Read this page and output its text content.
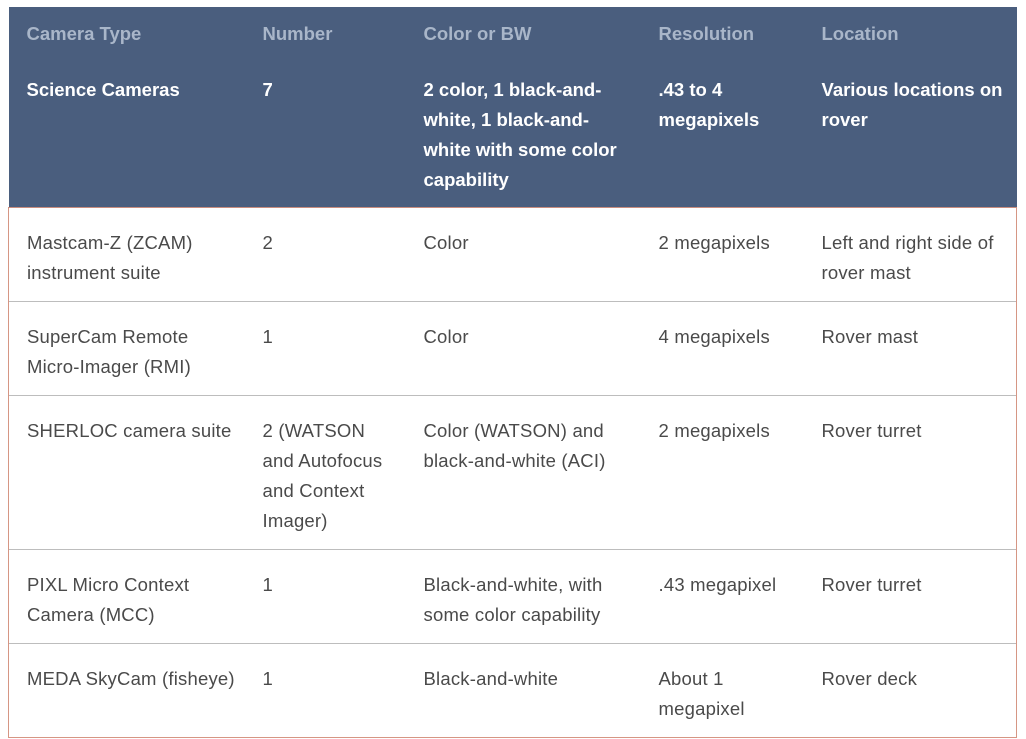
Camera Type	Number	Color or BW	Resolution	Location
Science Cameras	7	2 color, 1 black-and-white, 1 black-and-white with some color capability	.43 to 4 megapixels	Various locations on rover
Mastcam-Z (ZCAM) instrument suite	2	Color	2 megapixels	Left and right side of rover mast
SuperCam Remote Micro-Imager (RMI)	1	Color	4 megapixels	Rover mast
SHERLOC camera suite	2 (WATSON and Autofocus and Context Imager)	Color (WATSON) and black-and-white (ACI)	2 megapixels	Rover turret
PIXL Micro Context Camera (MCC)	1	Black-and-white, with some color capability	.43 megapixel	Rover turret
MEDA SkyCam (fisheye)	1	Black-and-white	About 1 megapixel	Rover deck
